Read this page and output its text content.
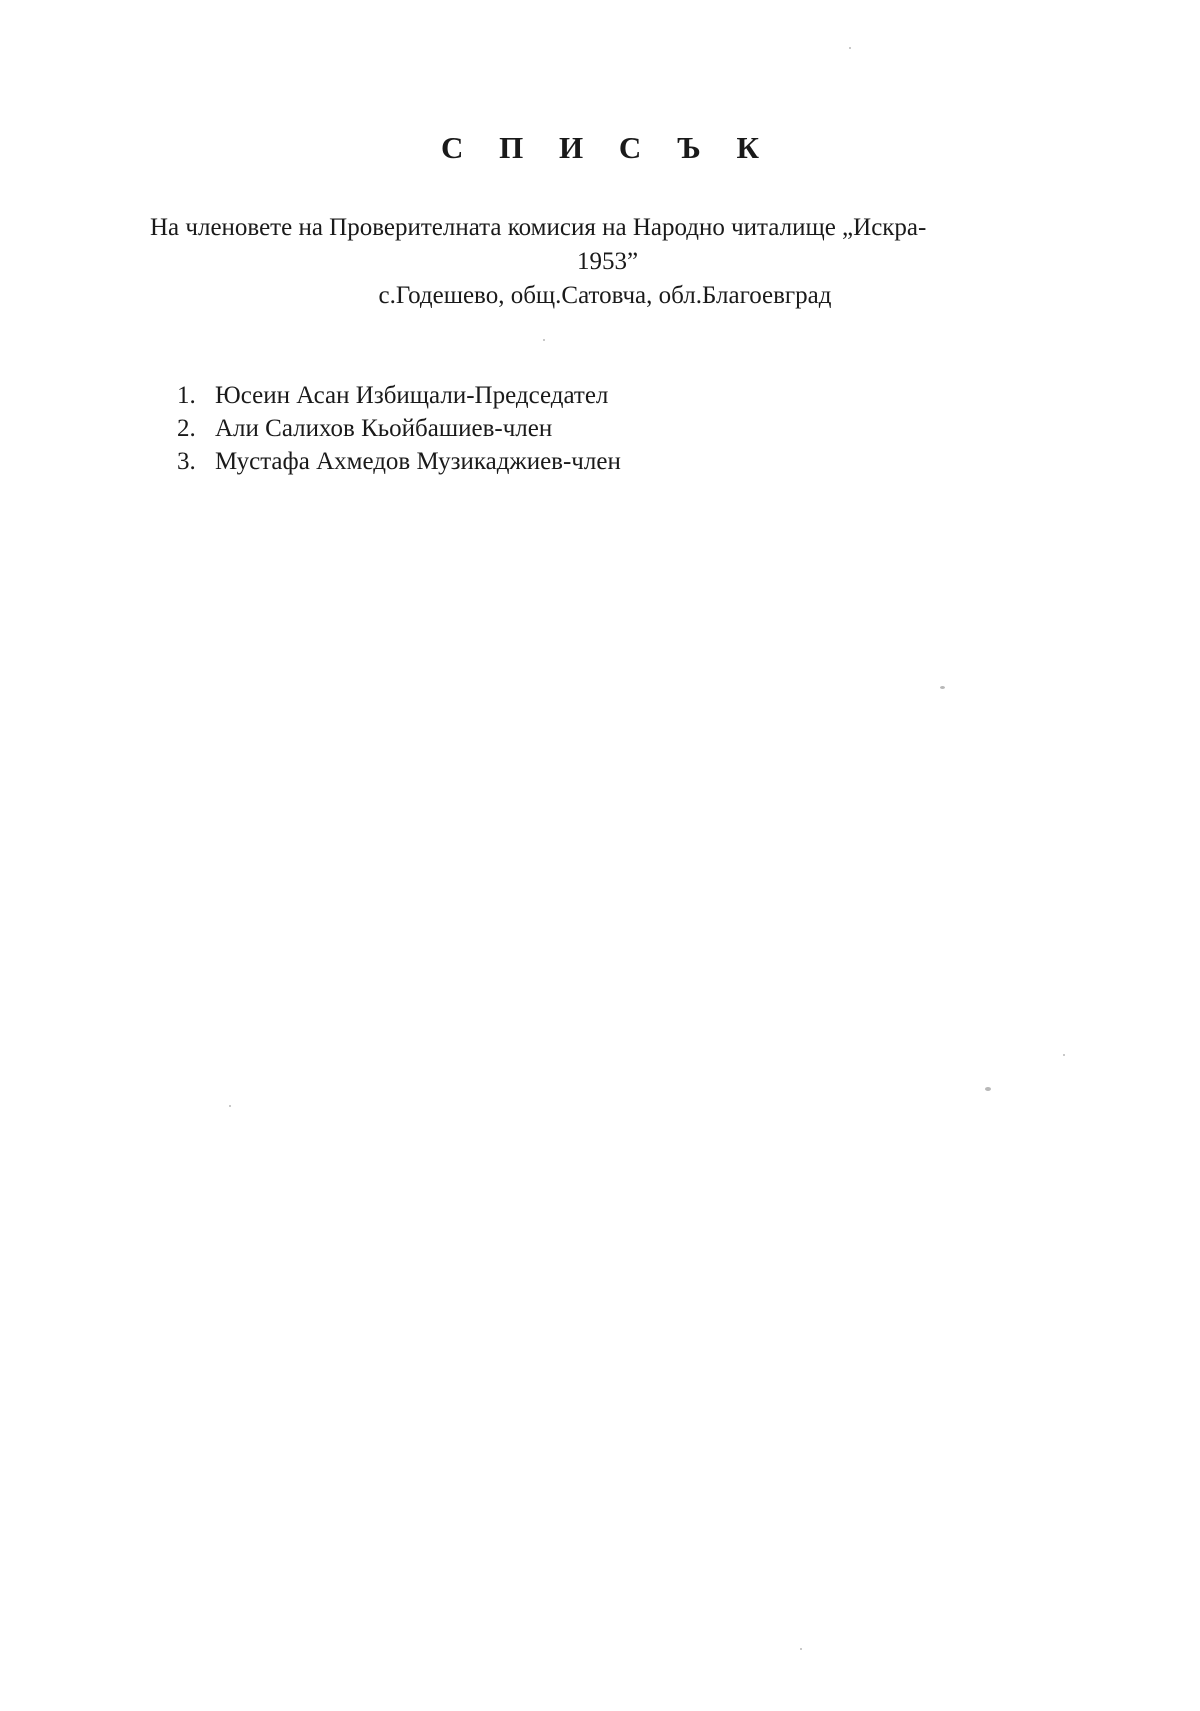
С П И С Ъ К
На членовете на Проверителната комисия на Народно читалище „Искра-
1953”
с.Годешево, общ.Сатовча, обл.Благоевград
1. Юсеин Асан Избищали-Председател
2. Али Салихов Кьойбашиев-член
3. Мустафа Ахмедов Музикаджиев-член
